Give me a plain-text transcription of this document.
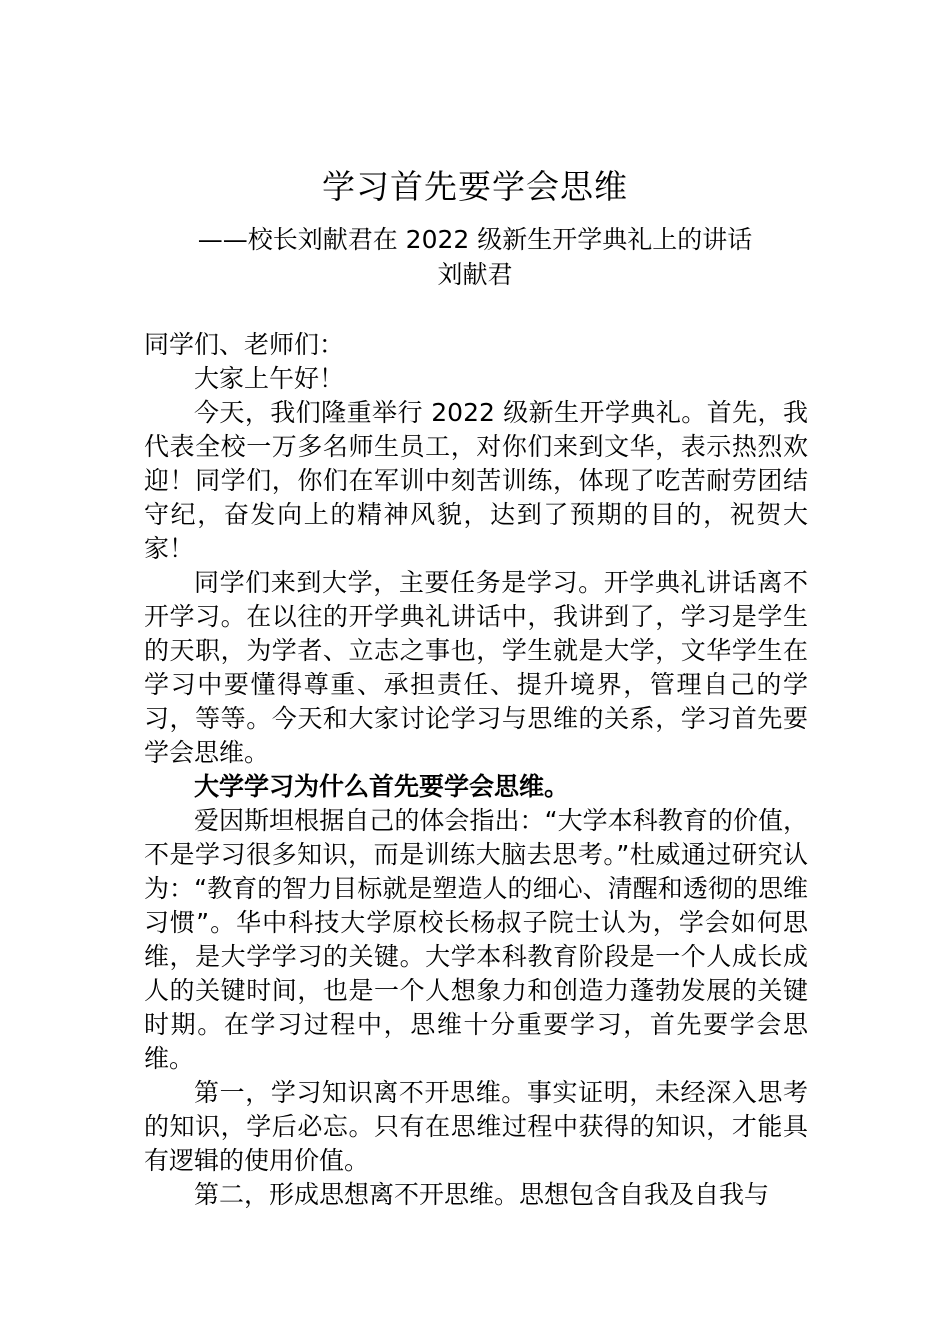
学习首先要学会思维
——校长刘献君在 2022 级新生开学典礼上的讲话
刘献君

同学们、老师们：

大家上午好！

今天，我们隆重举行 2022 级新生开学典礼。首先，我代表全校一万多名师生员工，对你们来到文华，表示热烈欢迎！同学们，你们在军训中刻苦训练，体现了吃苦耐劳团结守纪，奋发向上的精神风貌，达到了预期的目的，祝贺大家！

同学们来到大学，主要任务是学习。开学典礼讲话离不开学习。在以往的开学典礼讲话中，我讲到了，学习是学生的天职，为学者、立志之事也，学生就是大学，文华学生在学习中要懂得尊重、承担责任、提升境界，管理自己的学习，等等。今天和大家讨论学习与思维的关系，学习首先要学会思维。

大学学习为什么首先要学会思维。

爱因斯坦根据自己的体会指出：“大学本科教育的价值，不是学习很多知识，而是训练大脑去思考。”杜威通过研究认为：“教育的智力目标就是塑造人的细心、清醒和透彻的思维习惯”。华中科技大学原校长杨叔子院士认为，学会如何思维，是大学学习的关键。大学本科教育阶段是一个人成长成人的关键时间，也是一个人想象力和创造力蓬勃发展的关键时期。在学习过程中，思维十分重要学习，首先要学会思维。

第一，学习知识离不开思维。事实证明，未经深入思考的知识，学后必忘。只有在思维过程中获得的知识，才能具有逻辑的使用价值。

第二，形成思想离不开思维。思想包含自我及自我与
